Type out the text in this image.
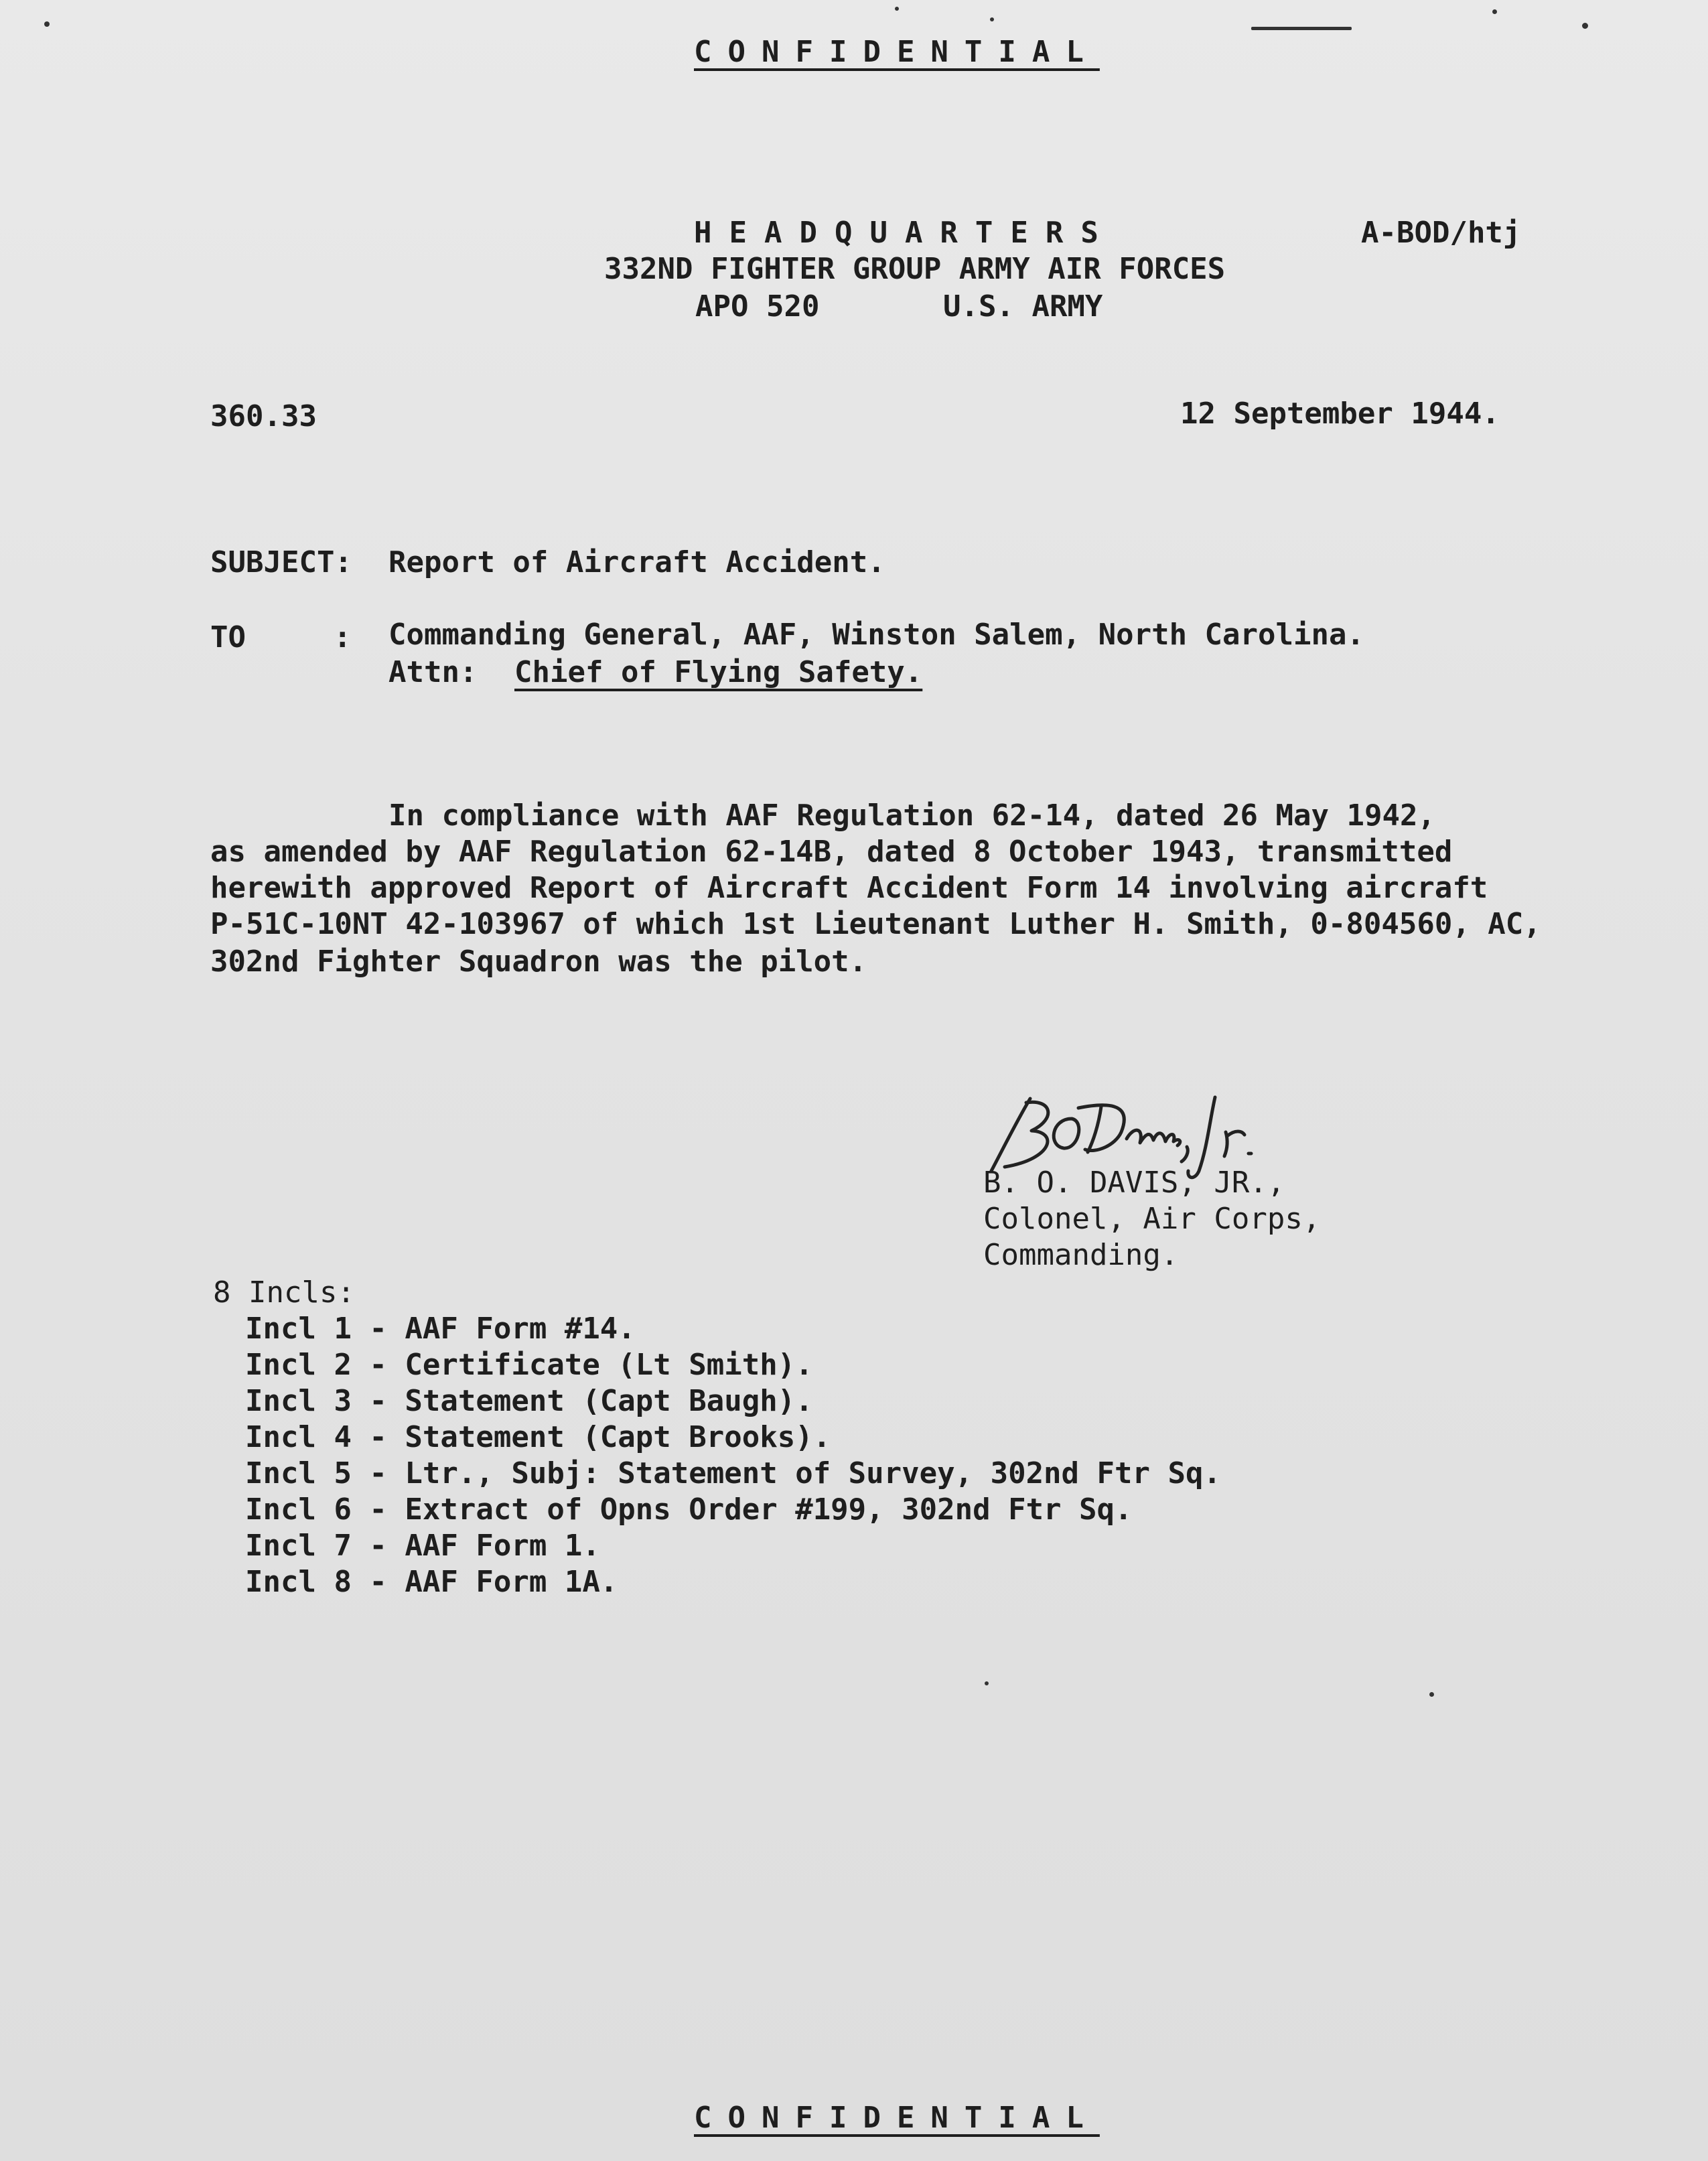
CONFIDENTIAL
HEADQUARTERS
332ND FIGHTER GROUP ARMY AIR FORCES
APO 520	U.S. ARMY
A-BOD/htj
360.33	12 September 1944.
SUBJECT: Report of Aircraft Accident.
TO	: Commanding General, AAF, Winston Salem, North Carolina.
Attn: Chief of Flying Safety.
In compliance with AAF Regulation 62-14, dated 26 May 1942,
as amended by AAF Regulation 62-14B, dated 8 October 1943, transmitted
herewith approved Report of Aircraft Accident Form 14 involving aircraft
P-51C-10NT 42-103967 of which 1st Lieutenant Luther H. Smith, 0-804560, AC,
302nd Fighter Squadron was the pilot.
B. O. DAVIS, JR.,
Colonel, Air Corps,
Commanding.
8 Incls:
Incl 1 - AAF Form #14.
Incl 2 - Certificate (Lt Smith).
Incl 3 - Statement (Capt Baugh).
Incl 4 - Statement (Capt Brooks).
Incl 5 - Ltr., Subj: Statement of Survey, 302nd Ftr Sq.
Incl 6 - Extract of Opns Order #199, 302nd Ftr Sq.
Incl 7 - AAF Form 1.
Incl 8 - AAF Form 1A.
CONFIDENTIAL
